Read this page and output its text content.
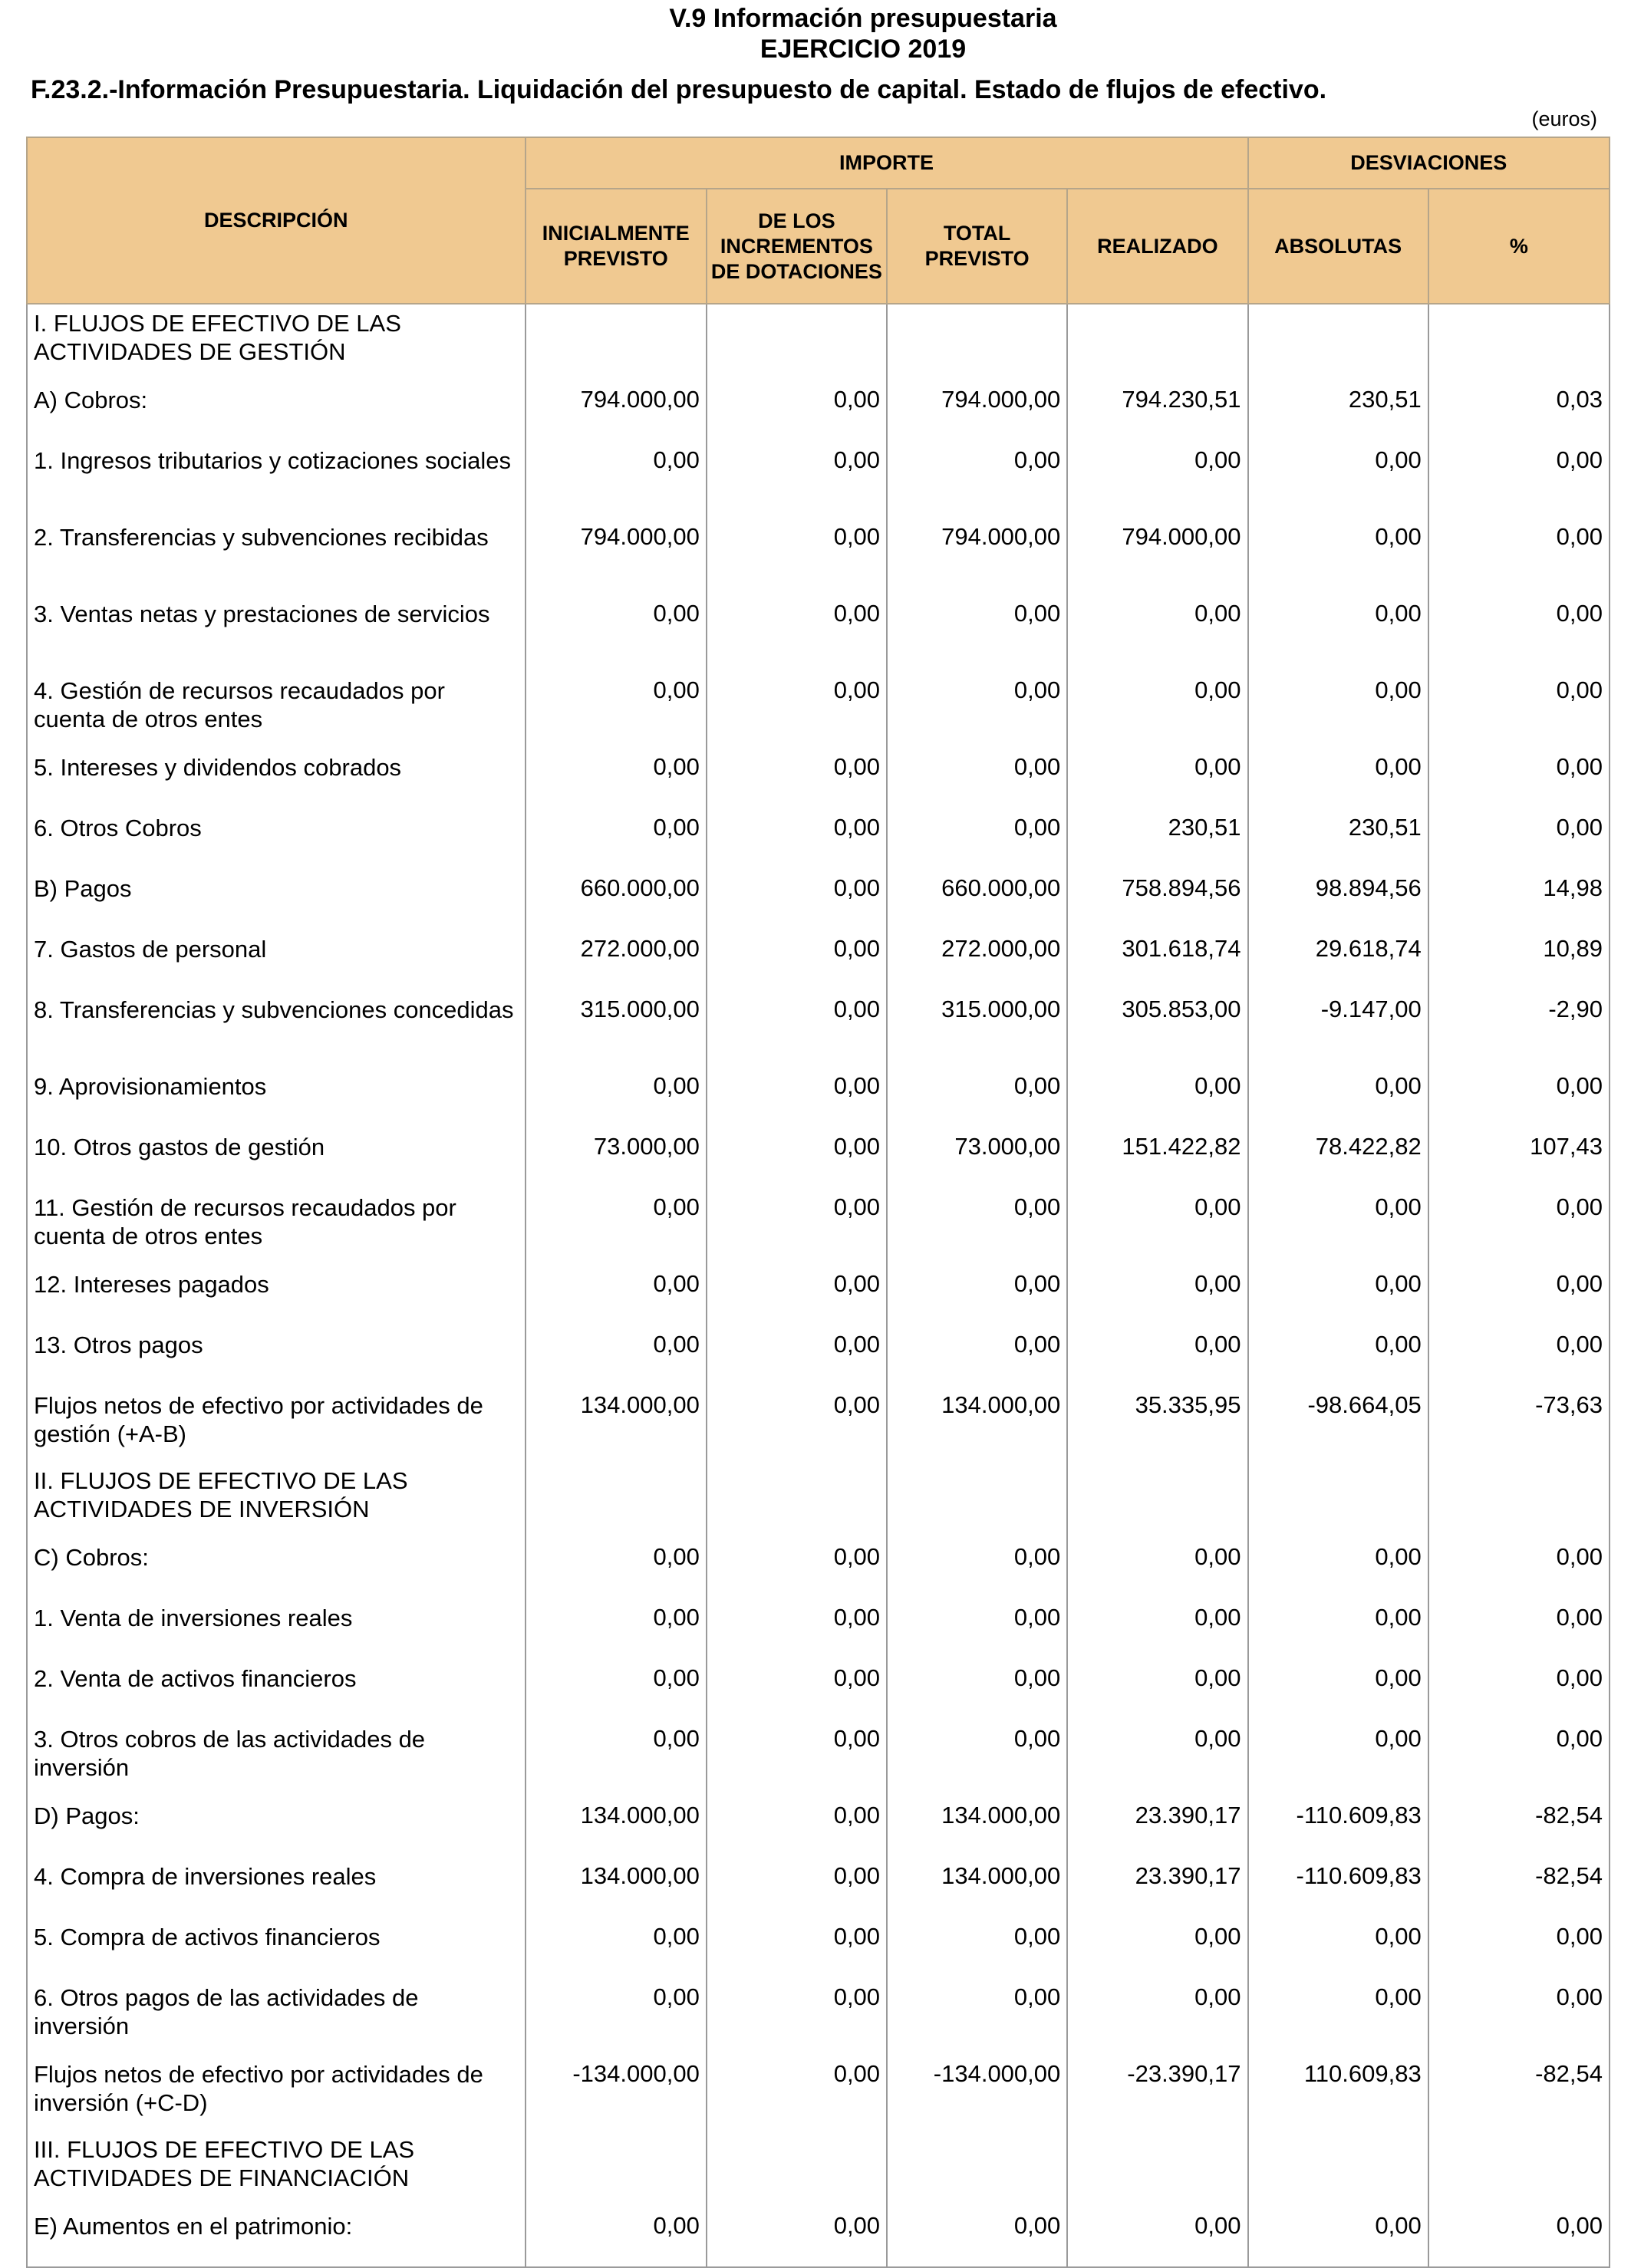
V.9 Información presupuestaria
EJERCICIO 2019
F.23.2.-Información Presupuestaria. Liquidación del presupuesto de capital. Estado de flujos de efectivo.
(euros)
DESCRIPCIÓN	IMPORTE				DESVIACIONES	
	INICIALMENTE PREVISTO	DE LOS INCREMENTOS DE DOTACIONES	TOTAL PREVISTO	REALIZADO	ABSOLUTAS	%
I. FLUJOS DE EFECTIVO DE LAS ACTIVIDADES DE GESTIÓN						
A) Cobros:	794.000,00	0,00	794.000,00	794.230,51	230,51	0,03
1. Ingresos tributarios y cotizaciones sociales	0,00	0,00	0,00	0,00	0,00	0,00
2. Transferencias y subvenciones recibidas	794.000,00	0,00	794.000,00	794.000,00	0,00	0,00
3. Ventas netas y prestaciones de servicios	0,00	0,00	0,00	0,00	0,00	0,00
4. Gestión de recursos recaudados por cuenta de otros entes	0,00	0,00	0,00	0,00	0,00	0,00
5. Intereses y dividendos cobrados	0,00	0,00	0,00	0,00	0,00	0,00
6. Otros Cobros	0,00	0,00	0,00	230,51	230,51	0,00
B) Pagos	660.000,00	0,00	660.000,00	758.894,56	98.894,56	14,98
7. Gastos de personal	272.000,00	0,00	272.000,00	301.618,74	29.618,74	10,89
8. Transferencias y subvenciones concedidas	315.000,00	0,00	315.000,00	305.853,00	-9.147,00	-2,90
9. Aprovisionamientos	0,00	0,00	0,00	0,00	0,00	0,00
10. Otros gastos de gestión	73.000,00	0,00	73.000,00	151.422,82	78.422,82	107,43
11. Gestión de recursos recaudados por cuenta de otros entes	0,00	0,00	0,00	0,00	0,00	0,00
12. Intereses pagados	0,00	0,00	0,00	0,00	0,00	0,00
13. Otros pagos	0,00	0,00	0,00	0,00	0,00	0,00
Flujos netos de efectivo por actividades de gestión (+A-B)	134.000,00	0,00	134.000,00	35.335,95	-98.664,05	-73,63
II. FLUJOS DE EFECTIVO DE LAS ACTIVIDADES DE INVERSIÓN						
C) Cobros:	0,00	0,00	0,00	0,00	0,00	0,00
1. Venta de inversiones reales	0,00	0,00	0,00	0,00	0,00	0,00
2. Venta de activos financieros	0,00	0,00	0,00	0,00	0,00	0,00
3. Otros cobros de las actividades de inversión	0,00	0,00	0,00	0,00	0,00	0,00
D) Pagos:	134.000,00	0,00	134.000,00	23.390,17	-110.609,83	-82,54
4. Compra de inversiones reales	134.000,00	0,00	134.000,00	23.390,17	-110.609,83	-82,54
5. Compra de activos financieros	0,00	0,00	0,00	0,00	0,00	0,00
6. Otros pagos de las actividades de inversión	0,00	0,00	0,00	0,00	0,00	0,00
Flujos netos de efectivo por actividades de inversión (+C-D)	-134.000,00	0,00	-134.000,00	-23.390,17	110.609,83	-82,54
III. FLUJOS DE EFECTIVO DE LAS ACTIVIDADES DE FINANCIACIÓN						
E) Aumentos en el patrimonio:	0,00	0,00	0,00	0,00	0,00	0,00
